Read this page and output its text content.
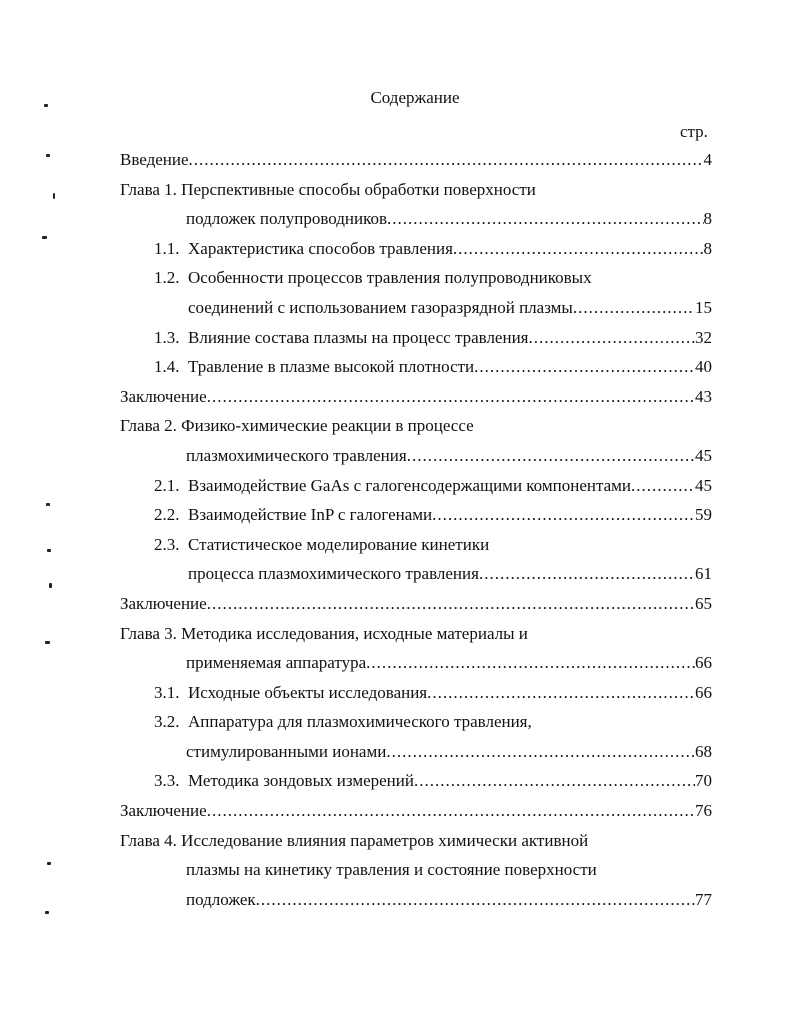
Содержание
стр.
Введение .....	4
Глава 1. Перспективные способы обработки поверхности
подложек полупроводников .....	8
1.1. Характеристика способов травления .....	8
1.2. Особенности процессов травления полупроводниковых
соединений с использованием газоразрядной плазмы .....	15
1.3. Влияние состава плазмы на процесс травления .....	32
1.4. Травление в плазме высокой плотности .....	40
Заключение .....	43
Глава 2. Физико-химические реакции в процессе
плазмохимического травления .....	45
2.1. Взаимодействие GaAs с галогенсодержащими компонентами .....	45
2.2. Взаимодействие InP с галогенами .....	59
2.3. Статистическое моделирование кинетики
процесса плазмохимического травления .....	61
Заключение .....	65
Глава 3. Методика исследования, исходные материалы и
применяемая аппаратура .....	66
3.1. Исходные объекты исследования .....	66
3.2. Аппаратура для плазмохимического травления,
стимулированными ионами .....	68
3.3. Методика зондовых измерений .....	70
Заключение .....	76
Глава 4. Исследование влияния параметров химически активной
плазмы на кинетику травления и состояние поверхности
подложек .....	77
